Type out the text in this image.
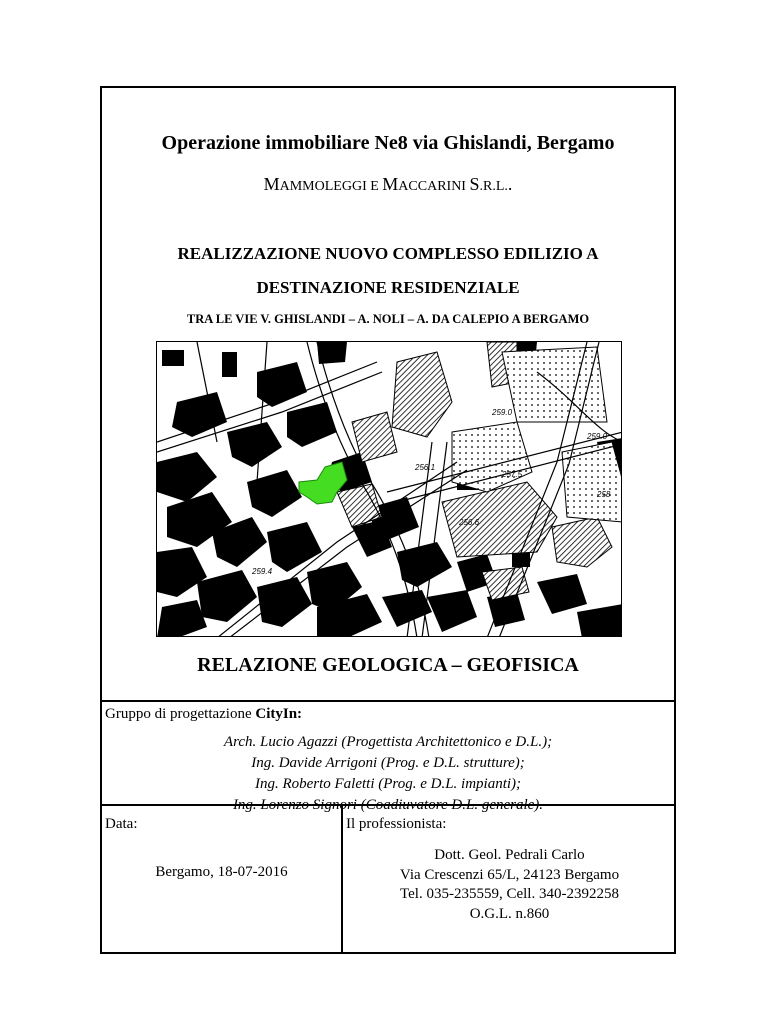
Operazione immobiliare Ne8 via Ghislandi, Bergamo
MAMMOLEGGI E MACCARINI S.R.L..
REALIZZAZIONE NUOVO COMPLESSO EDILIZIO A
DESTINAZIONE RESIDENZIALE
TRA LE VIE V. GHISLANDI – A. NOLI – A. DA CALEPIO A BERGAMO
259.0
259.0
256.1
257.5
258
256.6
259.4
RELAZIONE GEOLOGICA – GEOFISICA
Gruppo di progettazione CityIn:
Arch. Lucio Agazzi (Progettista Architettonico e D.L.);
Ing. Davide Arrigoni (Prog. e D.L. strutture);
Ing. Roberto Faletti (Prog. e D.L. impianti);
Ing. Lorenzo Signori (Coadiuvatore D.L. generale).
Data:
Bergamo, 18-07-2016
Il professionista:
Dott. Geol. Pedrali Carlo
Via Crescenzi 65/L, 24123 Bergamo
Tel. 035-235559, Cell. 340-2392258
O.G.L. n.860
